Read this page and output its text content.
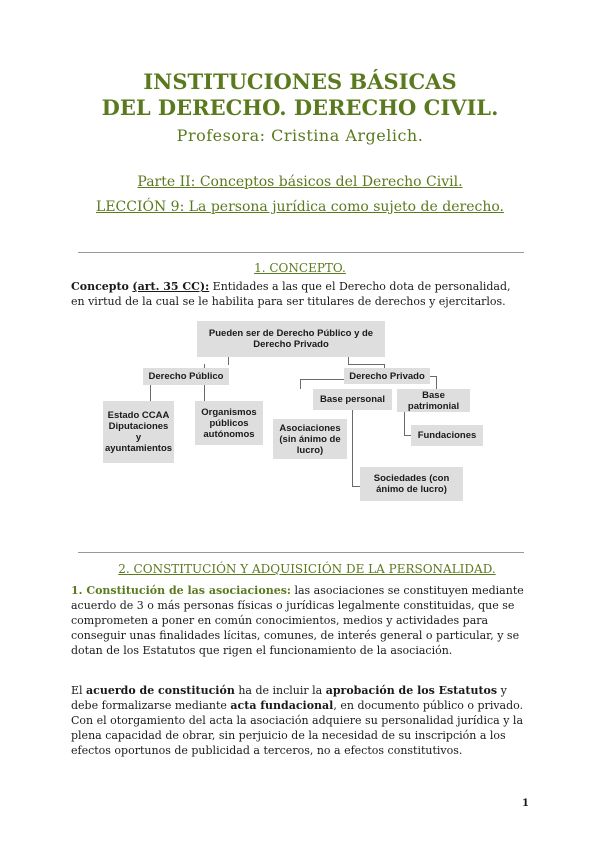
INSTITUCIONES BÁSICAS
DEL DERECHO. DERECHO CIVIL.
Profesora: Cristina Argelich.
Parte II: Conceptos básicos del Derecho Civil.
LECCIÓN 9: La persona jurídica como sujeto de derecho.
1. CONCEPTO.
Concepto (art. 35 CC): Entidades a las que el Derecho dota de personalidad, en virtud de la cual se le habilita para ser titulares de derechos y ejercitarlos.
Pueden ser de Derecho Público y de Derecho Privado
Derecho Público	Derecho Privado
Estado CCAA Diputaciones y ayuntamientos
Organismos públicos autónomos
Base personal	Base patrimonial
Asociaciones (sin ánimo de lucro)
Fundaciones
Sociedades (con ánimo de lucro)
2. CONSTITUCIÓN Y ADQUISICIÓN DE LA PERSONALIDAD.
1. Constitución de las asociaciones: las asociaciones se constituyen mediante acuerdo de 3 o más personas físicas o jurídicas legalmente constituidas, que se comprometen a poner en común conocimientos, medios y actividades para conseguir unas finalidades lícitas, comunes, de interés general o particular, y se dotan de los Estatutos que rigen el funcionamiento de la asociación.
El acuerdo de constitución ha de incluir la aprobación de los Estatutos y debe formalizarse mediante acta fundacional, en documento público o privado. Con el otorgamiento del acta la asociación adquiere su personalidad jurídica y la plena capacidad de obrar, sin perjuicio de la necesidad de su inscripción a los efectos oportunos de publicidad a terceros, no a efectos constitutivos.
1
